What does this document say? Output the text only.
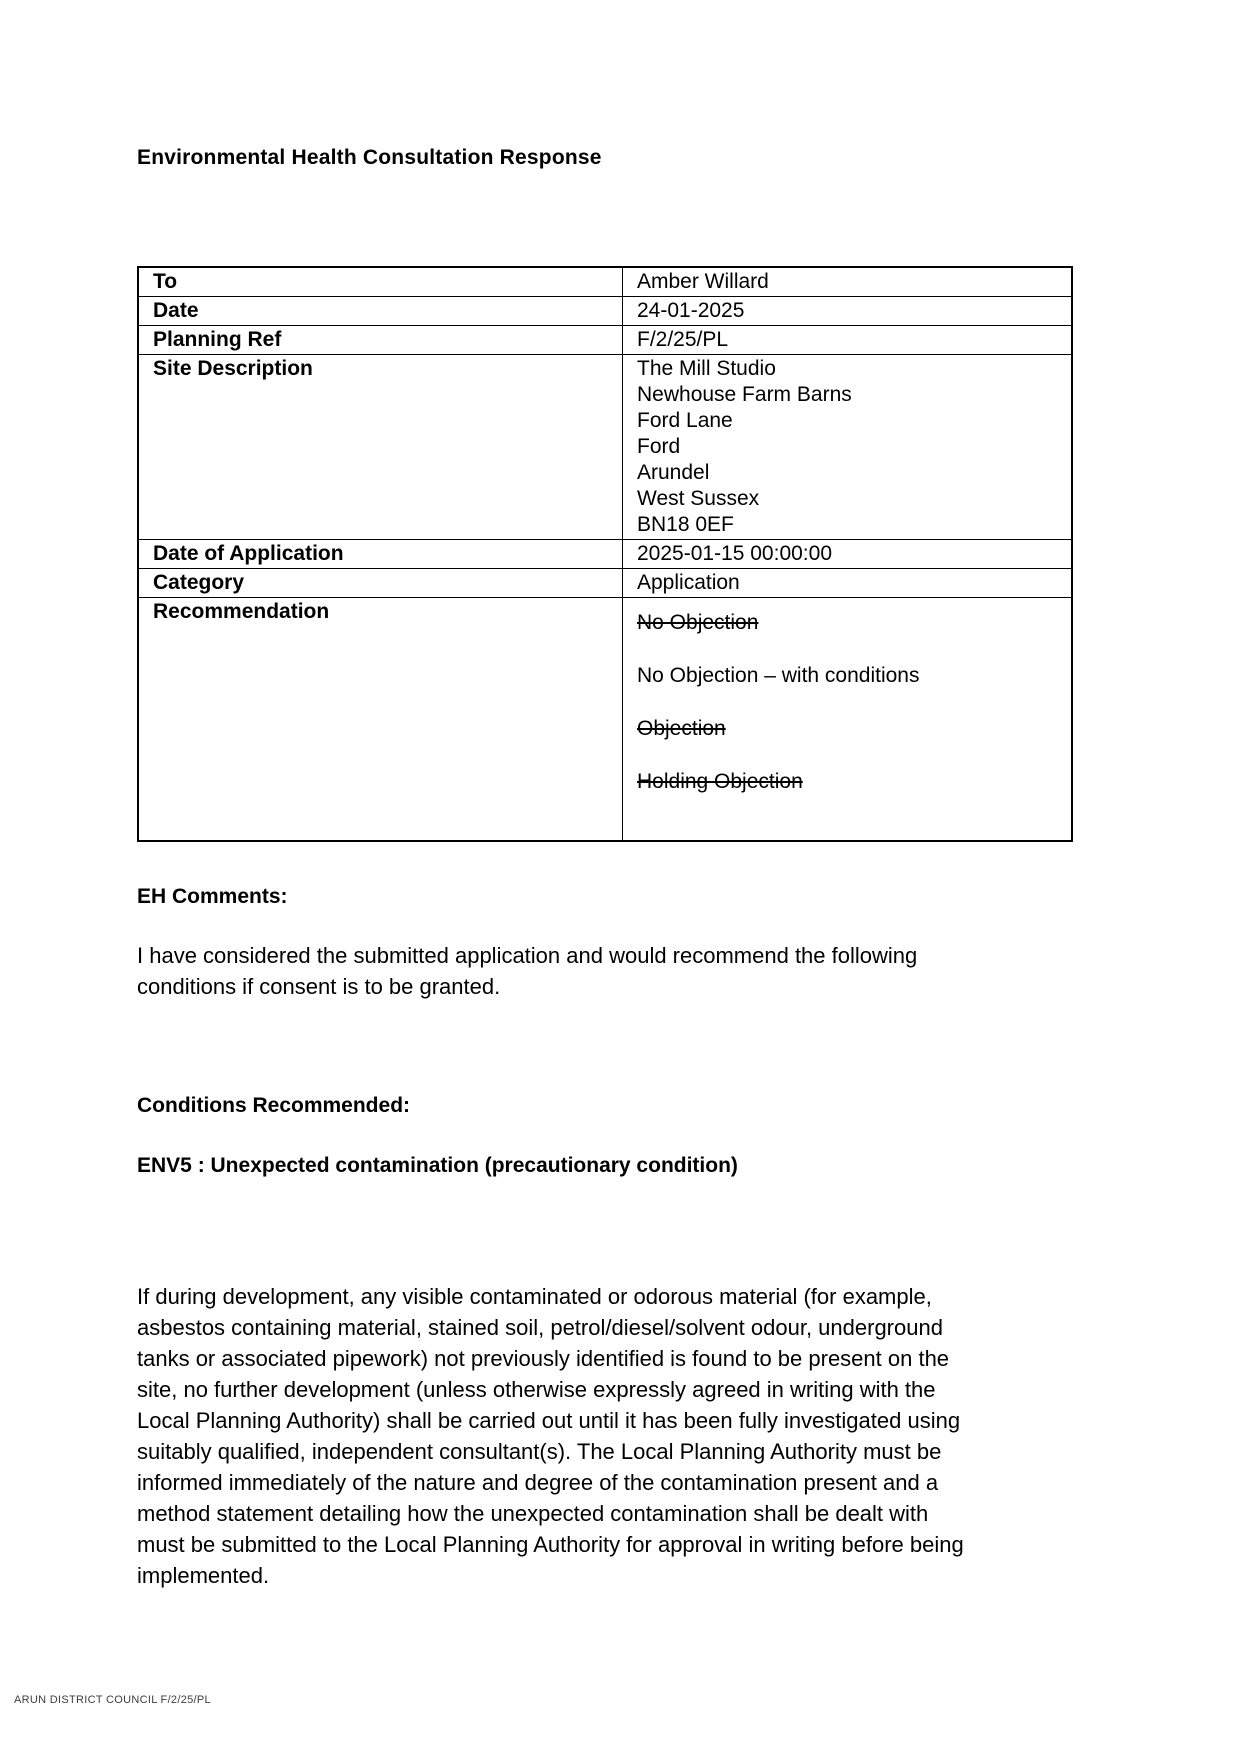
Environmental Health Consultation Response
To	Amber Willard
Date	24-01-2025
Planning Ref	F/2/25/PL
Site Description	The Mill Studio
Newhouse Farm Barns
Ford Lane
Ford
Arundel
West Sussex
BN18 0EF

Date of Application	2025-01-15 00:00:00
Category	Application
Recommendation	No Objection

No Objection – with conditions

Objection

Holding Objection

EH Comments:

I have considered the submitted application and would recommend the following conditions if consent is to be granted.

Conditions Recommended:
ENV5 : Unexpected contamination (precautionary condition)

If during development, any visible contaminated or odorous material (for example, asbestos containing material, stained soil, petrol/diesel/solvent odour, underground tanks or associated pipework) not previously identified is found to be present on the site, no further development (unless otherwise expressly agreed in writing with the Local Planning Authority) shall be carried out until it has been fully investigated using suitably qualified, independent consultant(s). The Local Planning Authority must be informed immediately of the nature and degree of the contamination present and a method statement detailing how the unexpected contamination shall be dealt with must be submitted to the Local Planning Authority for approval in writing before being implemented.

ARUN DISTRICT COUNCIL F/2/25/PL
